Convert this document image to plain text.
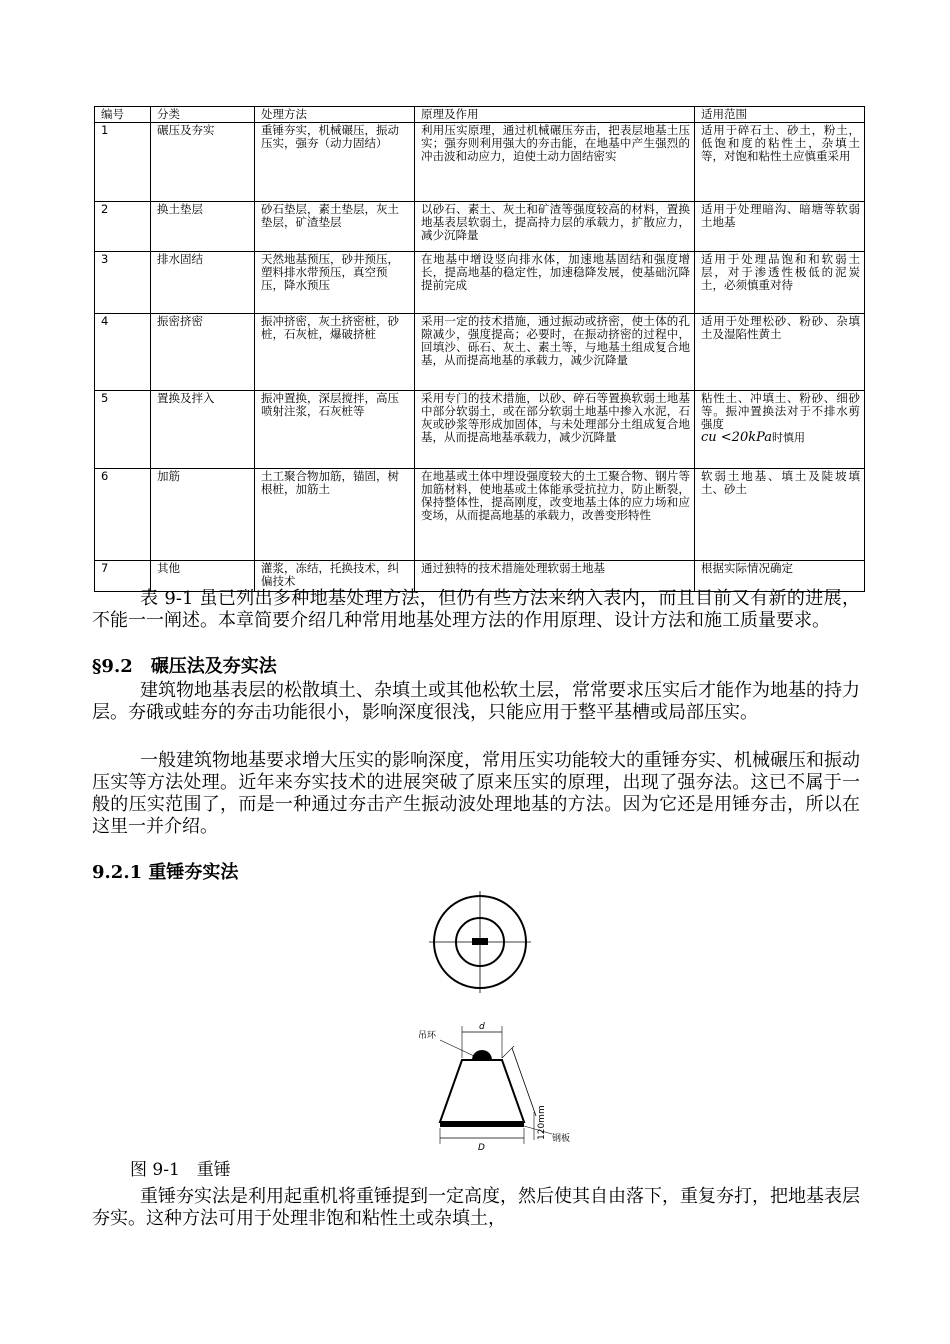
编号	分类	处理方法	原理及作用	适用范围
1	碾压及夯实	重锤夯实，机械碾压，振动压实，强夯（动力固结）	利用压实原理，通过机械碾压夯击，把表层地基土压实；强夯则利用强大的夯击能，在地基中产生强烈的冲击波和动应力，迫使土动力固结密实	适用于碎石土、砂土，粉土，低饱和度的粘性土，杂填土等，对饱和粘性土应慎重采用
2	换土垫层	砂石垫层，素土垫层，灰土垫层，矿渣垫层	以砂石、素土、灰土和矿渣等强度较高的材料，置换地基表层软弱土，提高持力层的承载力，扩散应力，减少沉降量	适用于处理暗沟、暗塘等软弱土地基
3	排水固结	天然地基预压，砂井预压，塑料排水带预压，真空预压，降水预压	在地基中增设竖向排水体，加速地基固结和强度增长，提高地基的稳定性，加速稳降发展，使基础沉降提前完成	适用于处理品饱和和软弱土层，对于渗透性极低的泥炭土，必须慎重对待
4	振密挤密	振冲挤密，灰土挤密桩，砂桩，石灰桩，爆破挤桩	采用一定的技术措施，通过振动或挤密，使土体的孔隙减少，强度提高；必要时，在振动挤密的过程中，回填沙、砾石、灰土、素土等，与地基土组成复合地基，从而提高地基的承载力，减少沉降量	适用于处理松砂、粉砂、杂填土及湿陷性黄土
5	置换及拌入	振冲置换，深层搅拌，高压喷射注浆，石灰桩等	采用专门的技术措施，以砂、碎石等置换软弱土地基中部分软弱土，或在部分软弱土地基中掺入水泥，石灰或砂浆等形成加固体，与未处理部分土组成复合地基，从而提高地基承载力，减少沉降量	粘性土、冲填土、粉砂、细砂等。振冲置换法对于不排水剪强度
cu <20kPa时慎用
6	加筋	土工聚合物加筋，锚固，树根桩，加筋土	在地基或土体中埋设强度较大的土工聚合物、钢片等加筋材料，使地基或土体能承受抗拉力，防止断裂，保持整体性，提高刚度，改变地基土体的应力场和应变场，从而提高地基的承载力，改善变形特性	软弱土地基、填土及陡坡填土、砂土
7	其他	灌浆，冻结，托换技术，纠偏技术	通过独特的技术措施处理软弱土地基	根据实际情况确定
表 9-1 虽已列出多种地基处理方法，但仍有些方法来纳入表内，而且目前又有新的进展，不能一一阐述。本章简要介绍几种常用地基处理方法的作用原理、设计方法和施工质量要求。
§9.2　碾压法及夯实法
建筑物地基表层的松散填土、杂填土或其他松软土层，常常要求压实后才能作为地基的持力层。夯硪或蛙夯的夯击功能很小，影响深度很浅，只能应用于整平基槽或局部压实。
一般建筑物地基要求增大压实的影响深度，常用压实功能较大的重锤夯实、机械碾压和振动压实等方法处理。近年来夯实技术的进展突破了原来压实的原理，出现了强夯法。这已不属于一般的压实范围了，而是一种通过夯击产生振动波处理地基的方法。因为它还是用锤夯击，所以在这里一并介绍。
9.2.1 重锤夯实法
d
吊环
120mm 钢板
D
图 9-1　重锤
重锤夯实法是利用起重机将重锤提到一定高度，然后使其自由落下，重复夯打，把地基表层夯实。这种方法可用于处理非饱和粘性土或杂填土，
